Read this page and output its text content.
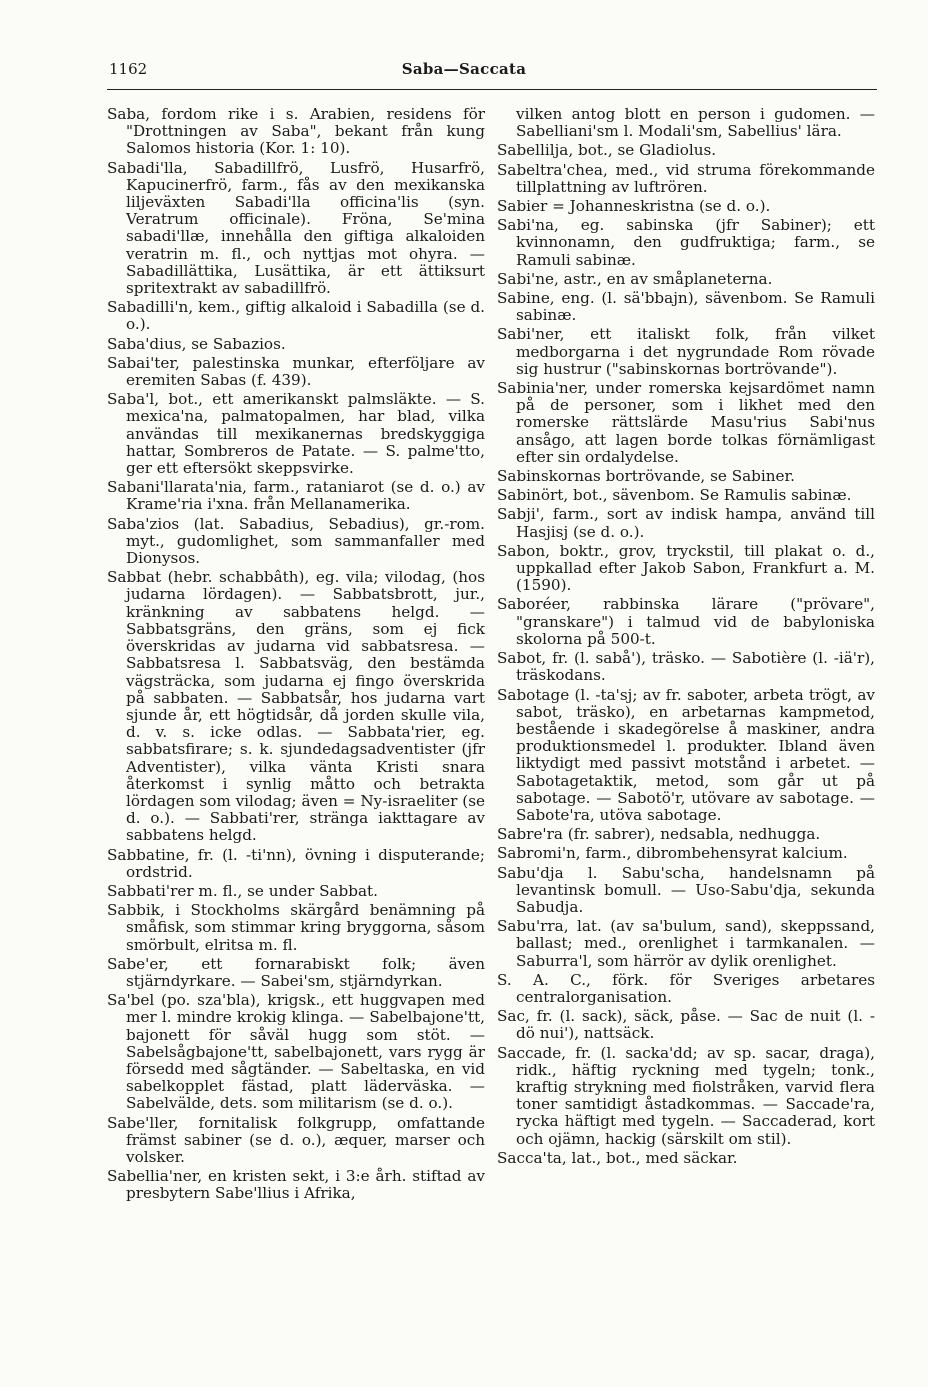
1162	Saba—Saccata

Saba, fordom rike i s. Arabien, residens för "Drottningen av Saba", bekant från kung Salomos historia (Kor. 1: 10).

Sabadi'lla, Sabadillfrö, Lusfrö, Husarfrö, Kapucinerfrö, farm., fås av den mexikanska liljeväxten Sabadi'lla officina'lis (syn. Veratrum officinale). Fröna, Se'mina sabadi'llæ, innehålla den giftiga alkaloiden veratrin m. fl., och nyttjas mot ohyra. — Sabadillättika, Lusättika, är ett ättiksurt spritextrakt av sabadillfrö.

Sabadilli'n, kem., giftig alkaloid i Sabadilla (se d. o.).

Saba'dius, se Sabazios.

Sabai'ter, palestinska munkar, efterföljare av eremiten Sabas (f. 439).

Saba'l, bot., ett amerikanskt palmsläkte. — S. mexica'na, palmatopalmen, har blad, vilka användas till mexikanernas bredskyggiga hattar, Sombreros de Patate. — S. palme'tto, ger ett eftersökt skeppsvirke.

Sabani'llarata'nia, farm., rataniarot (se d. o.) av Krame'ria i'xna. från Mellanamerika.

Saba'zios (lat. Sabadius, Sebadius), gr.-rom. myt., gudomlighet, som sammanfaller med Dionysos.

Sabbat (hebr. schabbâth), eg. vila; vilodag, (hos judarna lördagen). — Sabbatsbrott, jur., kränkning av sabbatens helgd. — Sabbatsgräns, den gräns, som ej fick överskridas av judarna vid sabbatsresa. — Sabbatsresa l. Sabbatsväg, den bestämda vägsträcka, som judarna ej fingo överskrida på sabbaten. — Sabbatsår, hos judarna vart sjunde år, ett högtidsår, då jorden skulle vila, d. v. s. icke odlas. — Sabbata'rier, eg. sabbatsfirare; s. k. sjundedagsadventister (jfr Adventister), vilka vänta Kristi snara återkomst i synlig måtto och betrakta lördagen som vilodag; även = Ny-israeliter (se d. o.). — Sabbati'rer, stränga iakttagare av sabbatens helgd.

Sabbatine, fr. (l. -ti'nn), övning i disputerande; ordstrid.

Sabbati'rer m. fl., se under Sabbat.

Sabbik, i Stockholms skärgård benämning på småfisk, som stimmar kring bryggorna, såsom smörbult, elritsa m. fl.

Sabe'er, ett fornarabiskt folk; även stjärndyrkare. — Sabei'sm, stjärndyrkan.

Sa'bel (po. sza'bla), krigsk., ett huggvapen med mer l. mindre krokig klinga. — Sabelbajone'tt, bajonett för såväl hugg som stöt. — Sabelsågbajone'tt, sabelbajonett, vars rygg är försedd med sågtänder. — Sabeltaska, en vid sabelkopplet fästad, platt läderväska. — Sabelvälde, dets. som militarism (se d. o.).

Sabe'ller, fornitalisk folkgrupp, omfattande främst sabiner (se d. o.), æquer, marser och volsker.

Sabellia'ner, en kristen sekt, i 3:e årh. stiftad av presbytern Sabe'llius i Afrika,

vilken antog blott en person i gudomen. — Sabelliani'sm l. Modali'sm, Sabellius' lära.

Sabellilja, bot., se Gladiolus.

Sabeltra'chea, med., vid struma förekommande tillplattning av luftrören.

Sabier = Johanneskristna (se d. o.).

Sabi'na, eg. sabinska (jfr Sabiner); ett kvinnonamn, den gudfruktiga; farm., se Ramuli sabinæ.

Sabi'ne, astr., en av småplaneterna.

Sabine, eng. (l. sä'bbajn), sävenbom. Se Ramuli sabinæ.

Sabi'ner, ett italiskt folk, från vilket medborgarna i det nygrundade Rom rövade sig hustrur ("sabinskornas bortrövande").

Sabinia'ner, under romerska kejsardömet namn på de personer, som i likhet med den romerske rättslärde Masu'rius Sabi'nus ansågo, att lagen borde tolkas förnämligast efter sin ordalydelse.

Sabinskornas bortrövande, se Sabiner.

Sabinört, bot., sävenbom. Se Ramulis sabinæ.

Sabji', farm., sort av indisk hampa, använd till Hasjisj (se d. o.).

Sabon, boktr., grov, tryckstil, till plakat o. d., uppkallad efter Jakob Sabon, Frankfurt a. M. (1590).

Saboréer, rabbinska lärare ("prövare", "granskare") i talmud vid de babyloniska skolorna på 500-t.

Sabot, fr. (l. sabå'), träsko. — Sabotière (l. -iä'r), träskodans.

Sabotage (l. -ta'sj; av fr. saboter, arbeta trögt, av sabot, träsko), en arbetarnas kampmetod, bestående i skadegörelse å maskiner, andra produktionsmedel l. produkter. Ibland även liktydigt med passivt motstånd i arbetet. — Sabotagetaktik, metod, som går ut på sabotage. — Sabotö'r, utövare av sabotage. — Sabote'ra, utöva sabotage.

Sabre'ra (fr. sabrer), nedsabla, nedhugga.

Sabromi'n, farm., dibrombehensyrat kalcium.

Sabu'dja l. Sabu'scha, handelsnamn på levantinsk bomull. — Uso-Sabu'dja, sekunda Sabudja.

Sabu'rra, lat. (av sa'bulum, sand), skeppssand, ballast; med., orenlighet i tarmkanalen. — Saburra'l, som härrör av dylik orenlighet.

S. A. C., förk. för Sveriges arbetares centralorganisation.

Sac, fr. (l. sack), säck, påse. — Sac de nuit (l. - dö nui'), nattsäck.

Saccade, fr. (l. sacka'dd; av sp. sacar, draga), ridk., häftig ryckning med tygeln; tonk., kraftig strykning med fiolstråken, varvid flera toner samtidigt åstadkommas. — Saccade'ra, rycka häftigt med tygeln. — Saccaderad, kort och ojämn, hackig (särskilt om stil).

Sacca'ta, lat., bot., med säckar.
